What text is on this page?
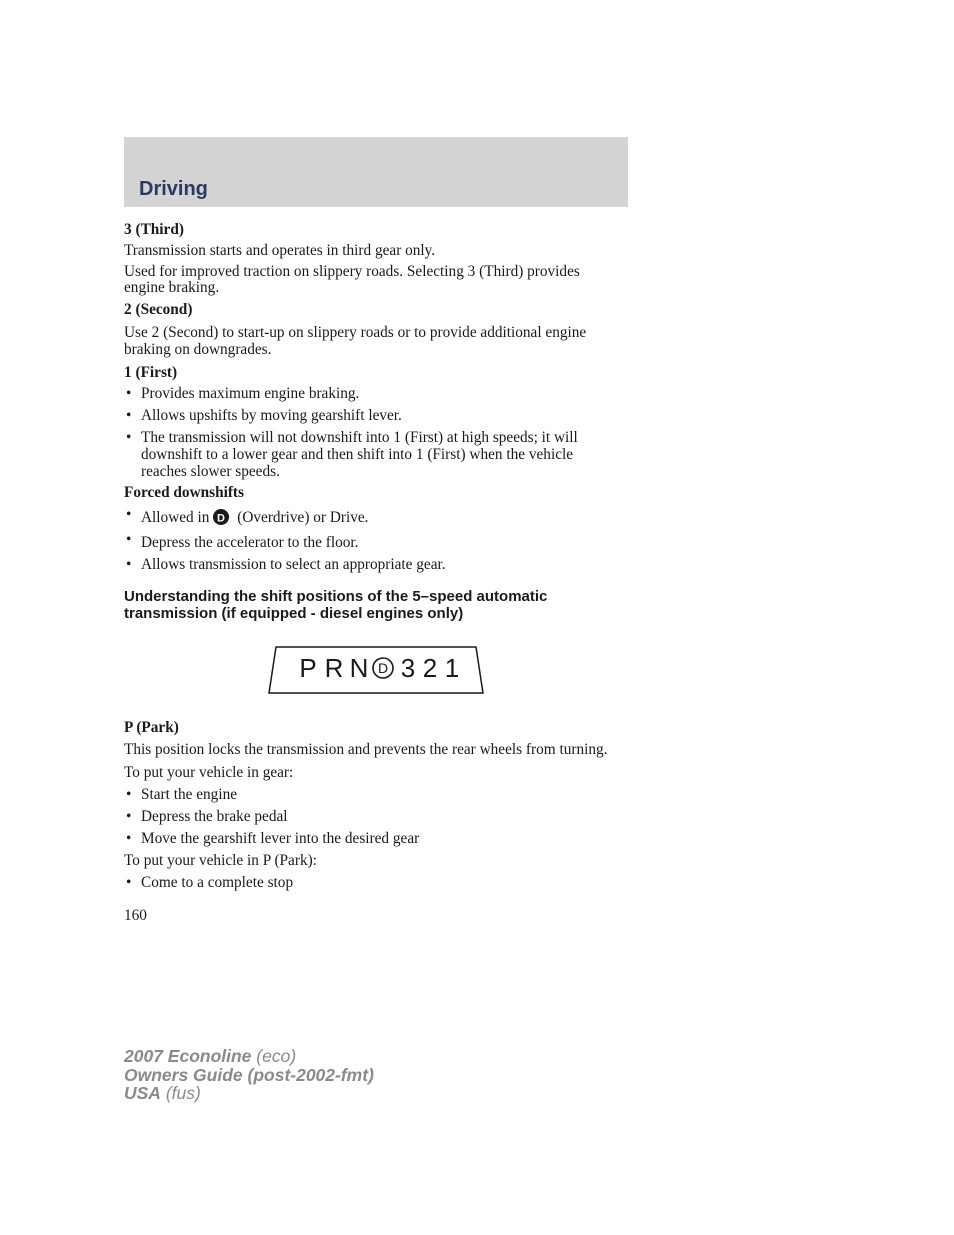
Driving

3 (Third)

Transmission starts and operates in third gear only.

Used for improved traction on slippery roads. Selecting 3 (Third) provides engine braking.

2 (Second)

Use 2 (Second) to start-up on slippery roads or to provide additional engine braking on downgrades.

1 (First)

• Provides maximum engine braking.
• Allows upshifts by moving gearshift lever.
• The transmission will not downshift into 1 (First) at high speeds; it will downshift to a lower gear and then shift into 1 (First) when the vehicle reaches slower speeds.

Forced downshifts

• Allowed in D (Overdrive) or Drive.
• Depress the accelerator to the floor.
• Allows transmission to select an appropriate gear.

Understanding the shift positions of the 5–speed automatic transmission (if equipped - diesel engines only)

P R N D 3 2 1

P (Park)

This position locks the transmission and prevents the rear wheels from turning.

To put your vehicle in gear:

• Start the engine
• Depress the brake pedal
• Move the gearshift lever into the desired gear

To put your vehicle in P (Park):

• Come to a complete stop

160

2007 Econoline (eco)
Owners Guide (post-2002-fmt)
USA (fus)
